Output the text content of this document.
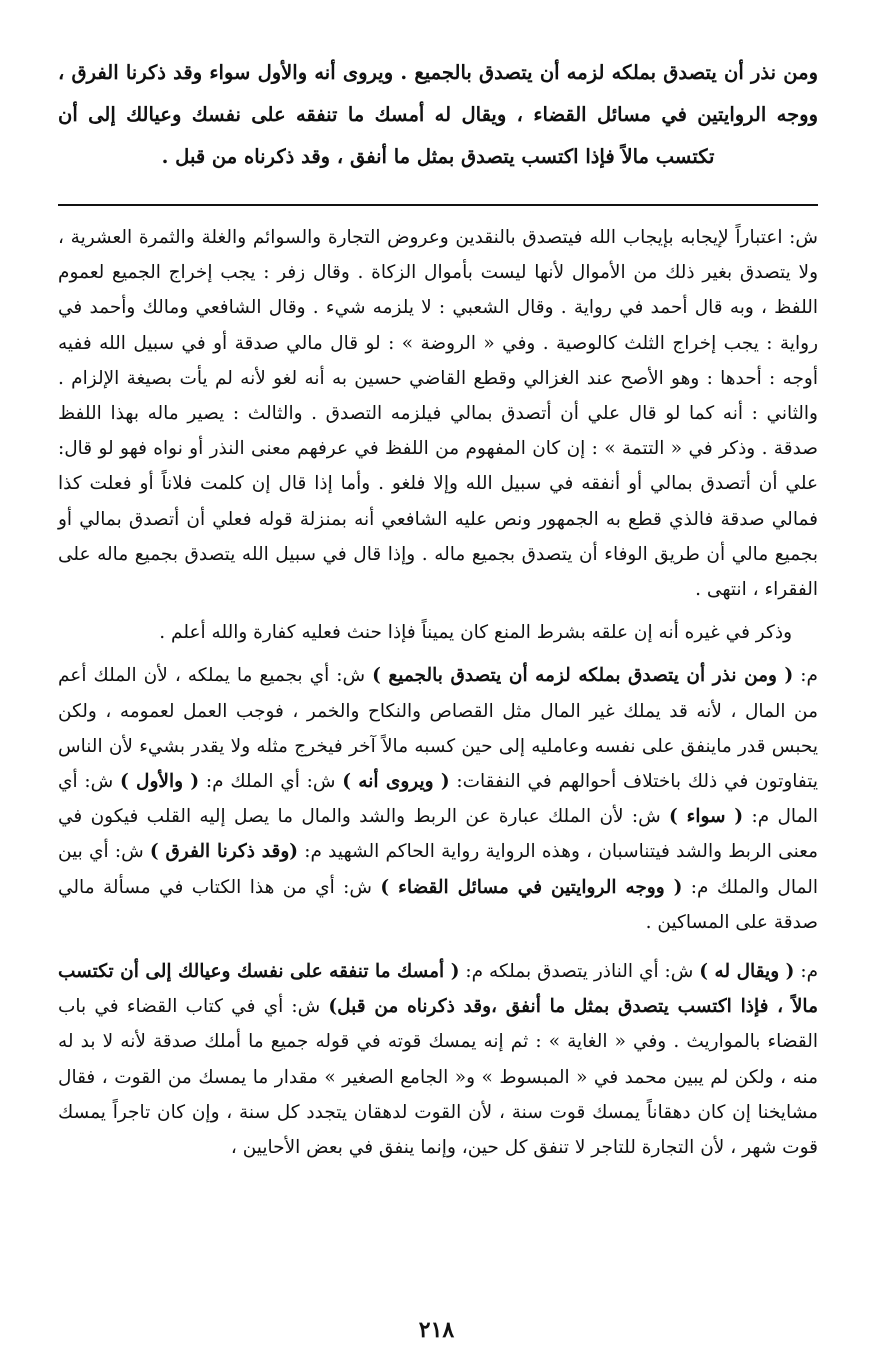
ومن نذر أن يتصدق بملكه لزمه أن يتصدق بالجميع . ويروى أنه والأول سواء وقد ذكرنا الفرق ، ووجه الروايتين في مسائل القضاء ، ويقال له أمسك ما تنفقه على نفسك وعيالك إلى أن تكتسب مالاً فإذا اكتسب يتصدق بمثل ما أنفق ، وقد ذكرناه من قبل .

ش: اعتباراً لإيجابه بإيجاب الله فيتصدق بالنقدين وعروض التجارة والسوائم والغلة والثمرة العشرية ، ولا يتصدق بغير ذلك من الأموال لأنها ليست بأموال الزكاة . وقال زفر : يجب إخراج الجميع لعموم اللفظ ، وبه قال أحمد في رواية . وقال الشعبي : لا يلزمه شيء . وقال الشافعي ومالك وأحمد في رواية : يجب إخراج الثلث كالوصية . وفي « الروضة » : لو قال مالي صدقة أو في سبيل الله ففيه أوجه : أحدها : وهو الأصح عند الغزالي وقطع القاضي حسين به أنه لغو لأنه لم يأت بصيغة الإلزام . والثاني : أنه كما لو قال علي أن أتصدق بمالي فيلزمه التصدق . والثالث : يصير ماله بهذا اللفظ صدقة . وذكر في « التتمة » : إن كان المفهوم من اللفظ في عرفهم معنى النذر أو نواه فهو لو قال: علي أن أتصدق بمالي أو أنفقه في سبيل الله وإلا فلغو . وأما إذا قال إن كلمت فلاناً أو فعلت كذا فمالي صدقة فالذي قطع به الجمهور ونص عليه الشافعي أنه بمنزلة قوله فعلي أن أتصدق بمالي أو بجميع مالي أن طريق الوفاء أن يتصدق بجميع ماله . وإذا قال في سبيل الله يتصدق بجميع ماله على الفقراء ، انتهى .

وذكر في غيره أنه إن علقه بشرط المنع كان يميناً فإذا حنث فعليه كفارة والله أعلم .

م: ( ومن نذر أن يتصدق بملكه لزمه أن يتصدق بالجميع ) ش: أي بجميع ما يملكه ، لأن الملك أعم من المال ، لأنه قد يملك غير المال مثل القصاص والنكاح والخمر ، فوجب العمل لعمومه ، ولكن يحبس قدر ماينفق على نفسه وعامليه إلى حين كسبه مالاً آخر فيخرج مثله ولا يقدر بشيء لأن الناس يتفاوتون في ذلك باختلاف أحوالهم في النفقات: ( ويروى أنه ) ش: أي الملك م: ( والأول ) ش: أي المال م: ( سواء ) ش: لأن الملك عبارة عن الربط والشد والمال ما يصل إليه القلب فيكون في معنى الربط والشد فيتناسبان ، وهذه الرواية رواية الحاكم الشهيد م: (وقد ذكرنا الفرق ) ش: أي بين المال والملك م: ( ووجه الروايتين في مسائل القضاء ) ش: أي من هذا الكتاب في مسألة مالي صدقة على المساكين .

م: ( ويقال له ) ش: أي الناذر يتصدق بملكه م: ( أمسك ما تنفقه على نفسك وعيالك إلى أن تكتسب مالاً ، فإذا اكتسب يتصدق بمثل ما أنفق ،وقد ذكرناه من قبل) ش: أي في كتاب القضاء في باب القضاء بالمواريث . وفي « الغاية » : ثم إنه يمسك قوته في قوله جميع ما أملك صدقة لأنه لا بد له منه ، ولكن لم يبين محمد في « المبسوط » و« الجامع الصغير » مقدار ما يمسك من القوت ، فقال مشايخنا إن كان دهقاناً يمسك قوت سنة ، لأن القوت لدهقان يتجدد كل سنة ، وإن كان تاجراً يمسك قوت شهر ، لأن التجارة للتاجر لا تنفق كل حين، وإنما ينفق في بعض الأحايين ،

٢١٨
